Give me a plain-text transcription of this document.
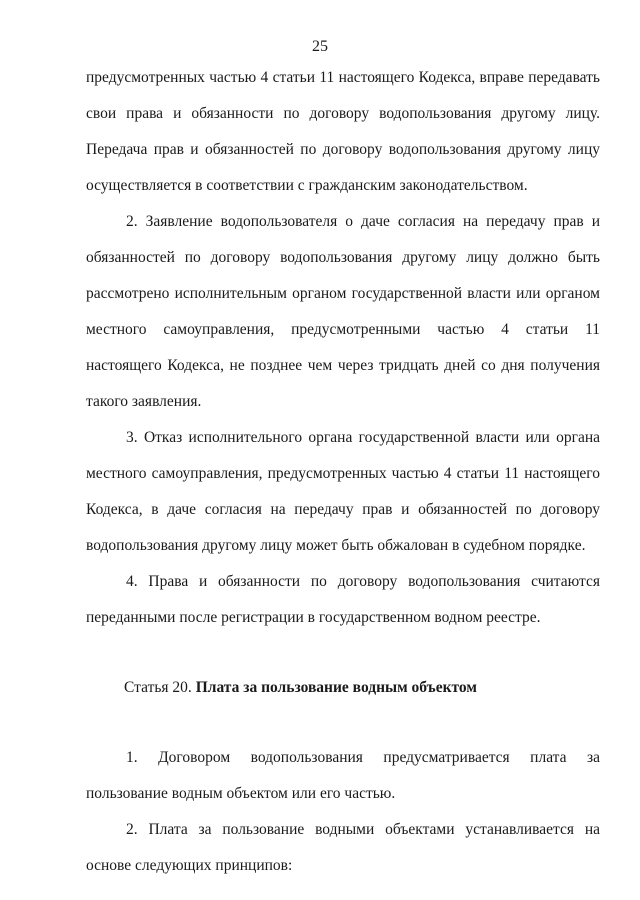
25

предусмотренных частью 4 статьи 11 настоящего Кодекса, вправе передавать свои права и обязанности по договору водопользования другому лицу. Передача прав и обязанностей по договору водопользования другому лицу осуществляется в соответствии с гражданским законодательством.

2. Заявление водопользователя о даче согласия на передачу прав и обязанностей по договору водопользования другому лицу должно быть рассмотрено исполнительным органом государственной власти или органом местного самоуправления, предусмотренными частью 4 статьи 11 настоящего Кодекса, не позднее чем через тридцать дней со дня получения такого заявления.

3. Отказ исполнительного органа государственной власти или органа местного самоуправления, предусмотренных частью 4 статьи 11 настоящего Кодекса, в даче согласия на передачу прав и обязанностей по договору водопользования другому лицу может быть обжалован в судебном порядке.

4. Права и обязанности по договору водопользования считаются переданными после регистрации в государственном водном реестре.

Статья 20. Плата за пользование водным объектом

1. Договором водопользования предусматривается плата за пользование водным объектом или его частью.

2. Плата за пользование водными объектами устанавливается на основе следующих принципов:
